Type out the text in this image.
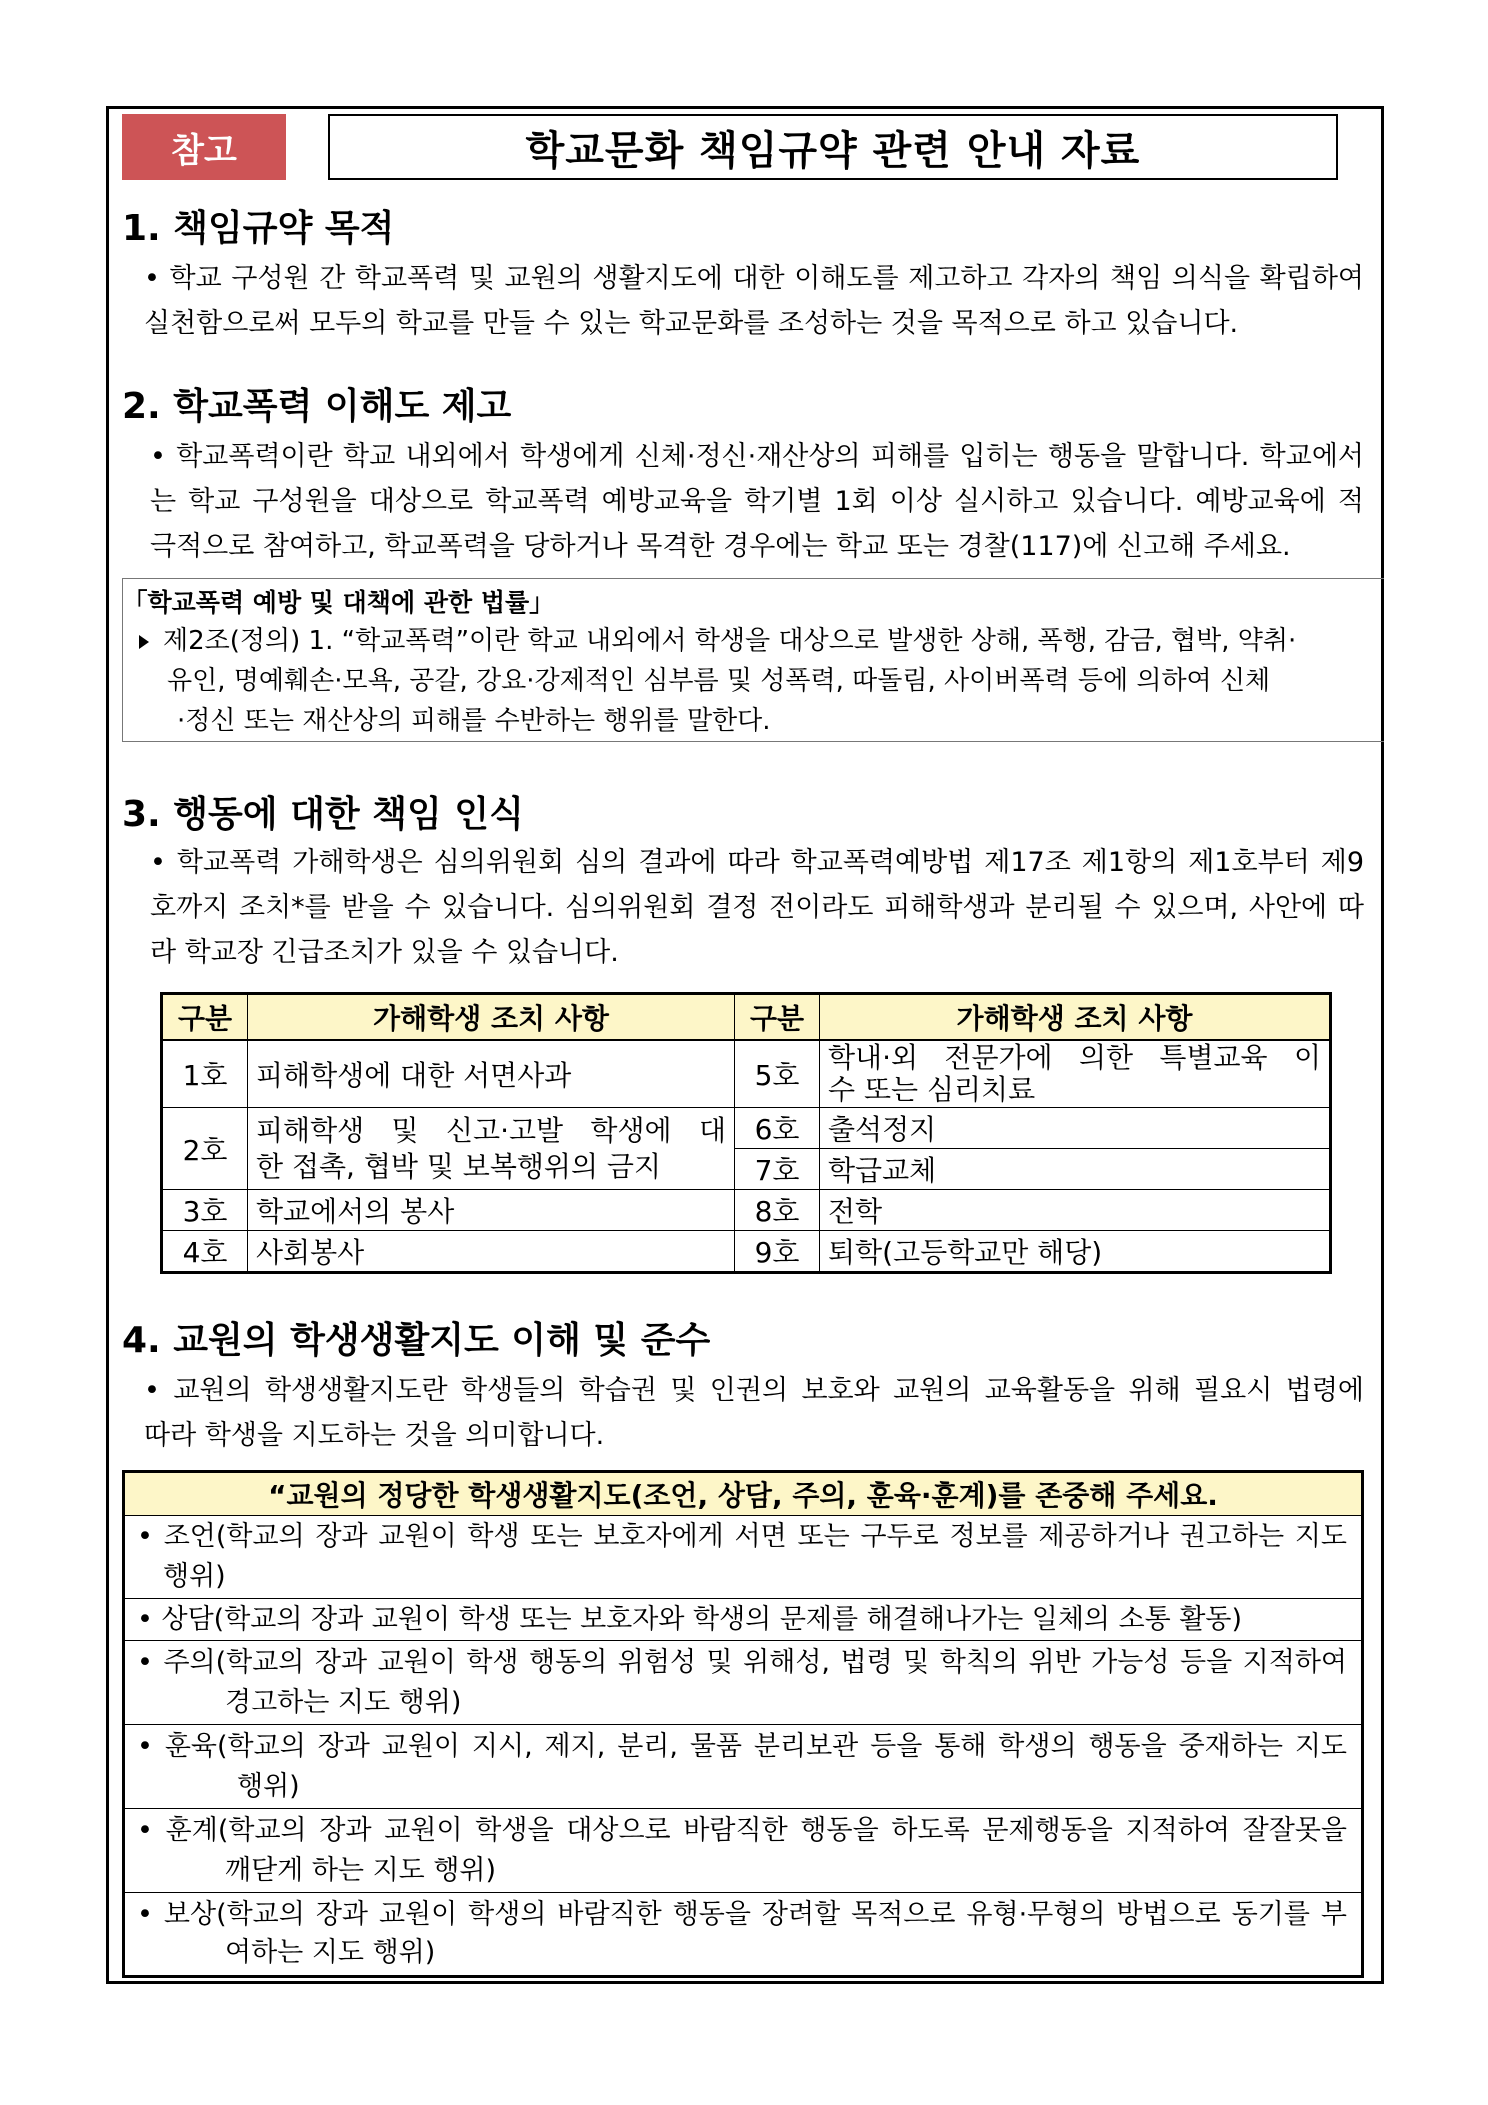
참고	학교문화 책임규약 관련 안내 자료
1. 책임규약 목적
• 학교 구성원 간 학교폭력 및 교원의 생활지도에 대한 이해도를 제고하고 각자의 책임 의식을 확립하여
실천함으로써 모두의 학교를 만들 수 있는 학교문화를 조성하는 것을 목적으로 하고 있습니다.
2. 학교폭력 이해도 제고
• 학교폭력이란 학교 내외에서 학생에게 신체·정신·재산상의 피해를 입히는 행동을 말합니다. 학교에서
는 학교 구성원을 대상으로 학교폭력 예방교육을 학기별 1회 이상 실시하고 있습니다. 예방교육에 적
극적으로 참여하고, 학교폭력을 당하거나 목격한 경우에는 학교 또는 경찰(117)에 신고해 주세요.
｢학교폭력 예방 및 대책에 관한 법률｣
제2조(정의) 1. “학교폭력”이란 학교 내외에서 학생을 대상으로 발생한 상해, 폭행, 감금, 협박, 약취·
유인, 명예훼손·모욕, 공갈, 강요·강제적인 심부름 및 성폭력, 따돌림, 사이버폭력 등에 의하여 신체
·정신 또는 재산상의 피해를 수반하는 행위를 말한다.
3. 행동에 대한 책임 인식
• 학교폭력 가해학생은 심의위원회 심의 결과에 따라 학교폭력예방법 제17조 제1항의 제1호부터 제9
호까지 조치*를 받을 수 있습니다. 심의위원회 결정 전이라도 피해학생과 분리될 수 있으며, 사안에 따
라 학교장 긴급조치가 있을 수 있습니다.
구분	가해학생 조치 사항	구분	가해학생 조치 사항
1호	피해학생에 대한 서면사과	5호	학내·외 전문가에 의한 특별교육 이
수 또는 심리치료
2호	피해학생 및 신고·고발 학생에 대
한 접촉, 협박 및 보복행위의 금지	6호	출석정지
		7호	학급교체
3호	학교에서의 봉사	8호	전학
4호	사회봉사	9호	퇴학(고등학교만 해당)
4. 교원의 학생생활지도 이해 및 준수
• 교원의 학생생활지도란 학생들의 학습권 및 인권의 보호와 교원의 교육활동을 위해 필요시 법령에
따라 학생을 지도하는 것을 의미합니다.
“교원의 정당한 학생생활지도(조언, 상담, 주의, 훈육·훈계)를 존중해 주세요.
• 조언(학교의 장과 교원이 학생 또는 보호자에게 서면 또는 구두로 정보를 제공하거나 권고하는 지도
행위)
• 상담(학교의 장과 교원이 학생 또는 보호자와 학생의 문제를 해결해나가는 일체의 소통 활동)
• 주의(학교의 장과 교원이 학생 행동의 위험성 및 위해성, 법령 및 학칙의 위반 가능성 등을 지적하여
경고하는 지도 행위)
• 훈육(학교의 장과 교원이 지시, 제지, 분리, 물품 분리보관 등을 통해 학생의 행동을 중재하는 지도
행위)
• 훈계(학교의 장과 교원이 학생을 대상으로 바람직한 행동을 하도록 문제행동을 지적하여 잘잘못을
깨닫게 하는 지도 행위)
• 보상(학교의 장과 교원이 학생의 바람직한 행동을 장려할 목적으로 유형·무형의 방법으로 동기를 부
여하는 지도 행위)
